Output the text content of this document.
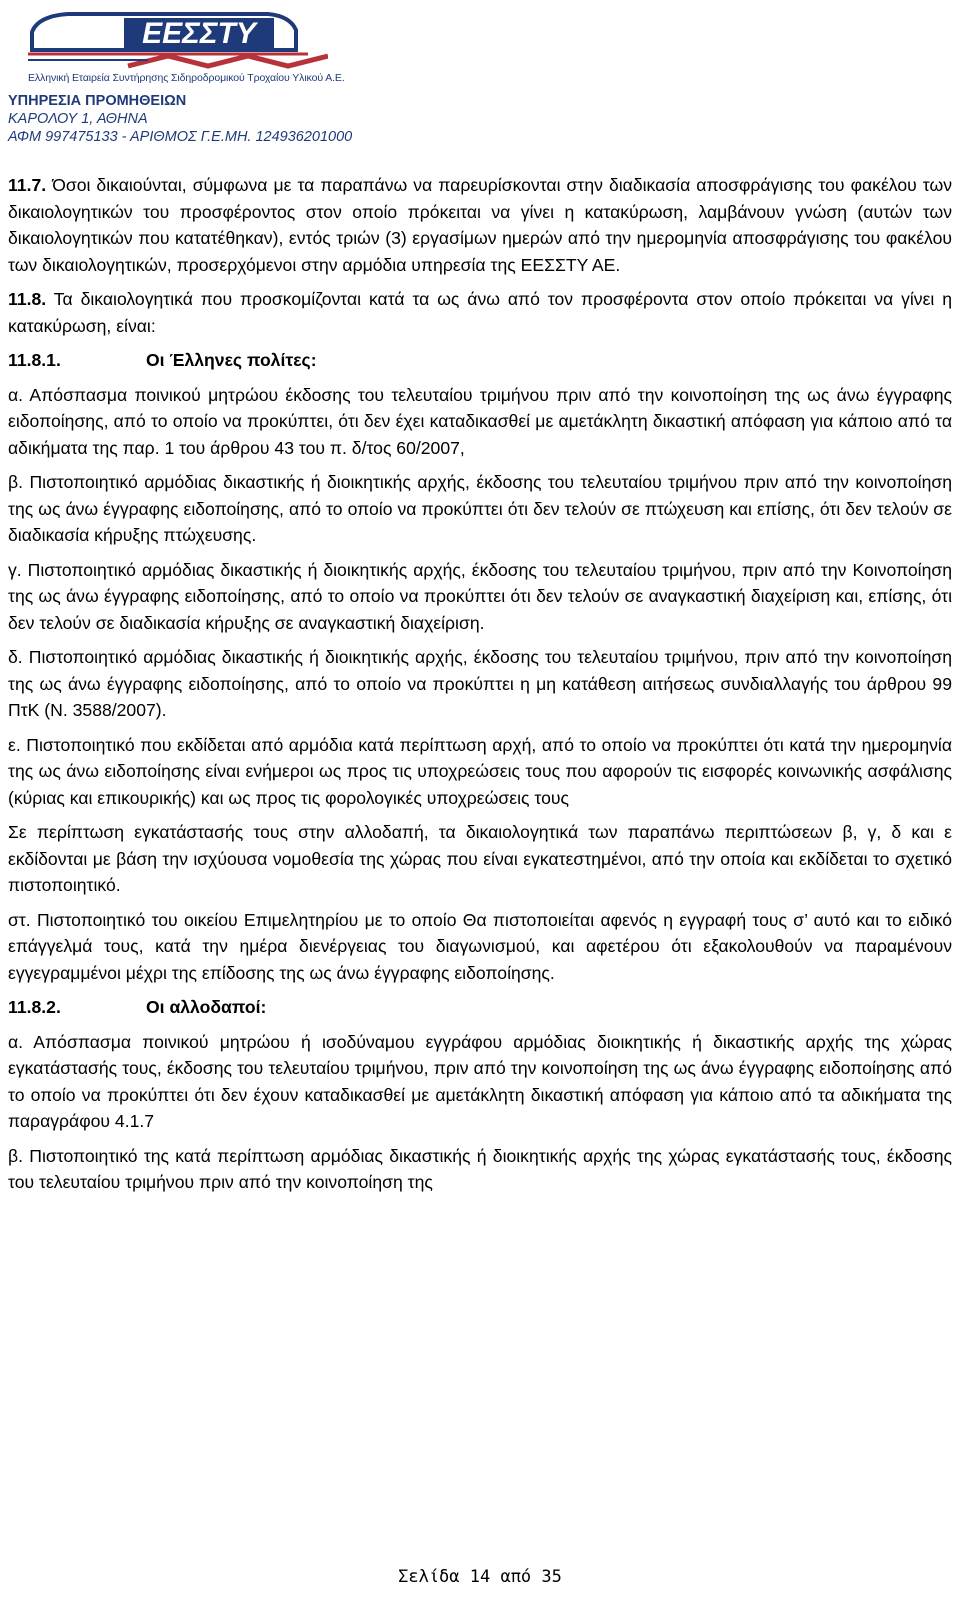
ΕΕΣΣΤΥ
Ελληνική Εταιρεία Συντήρησης Σιδηροδρομικού Τροχαίου Υλικού Α.Ε.
ΥΠΗΡΕΣΙΑ ΠΡΟΜΗΘΕΙΩΝ
ΚΑΡΟΛΟΥ 1, ΑΘΗΝΑ
ΑΦΜ 997475133 - ΑΡΙΘΜΟΣ Γ.Ε.ΜΗ. 124936201000

11.7. Όσοι δικαιούνται, σύμφωνα με τα παραπάνω να παρευρίσκονται στην διαδικασία αποσφράγισης του φακέλου των δικαιολογητικών του προσφέροντος στον οποίο πρόκειται να γίνει η κατακύρωση, λαμβάνουν γνώση (αυτών των δικαιολογητικών που κατατέθηκαν), εντός τριών (3) εργασίμων ημερών από την ημερομηνία αποσφράγισης του φακέλου των δικαιολογητικών, προσερχόμενοι στην αρμόδια υπηρεσία της ΕΕΣΣΤΥ ΑΕ.

11.8. Τα δικαιολογητικά που προσκομίζονται κατά τα ως άνω από τον προσφέροντα στον οποίο πρόκειται να γίνει η κατακύρωση, είναι:

11.8.1.	Οι Έλληνες πολίτες:

α. Απόσπασμα ποινικού μητρώου έκδοσης του τελευταίου τριμήνου πριν από την κοινοποίηση της ως άνω έγγραφης ειδοποίησης, από το οποίο να προκύπτει, ότι δεν έχει καταδικασθεί με αμετάκλητη δικαστική απόφαση για κάποιο από τα αδικήματα της παρ. 1 του άρθρου 43 του π. δ/τος 60/2007,

β. Πιστοποιητικό αρμόδιας δικαστικής ή διοικητικής αρχής, έκδοσης του τελευταίου τριμήνου πριν από την κοινοποίηση της ως άνω έγγραφης ειδοποίησης, από το οποίο να προκύπτει ότι δεν τελούν σε πτώχευση και επίσης, ότι δεν τελούν σε διαδικασία κήρυξης πτώχευσης.

γ. Πιστοποιητικό αρμόδιας δικαστικής ή διοικητικής αρχής, έκδοσης του τελευταίου τριμήνου, πριν από την Κοινοποίηση της ως άνω έγγραφης ειδοποίησης, από το οποίο να προκύπτει ότι δεν τελούν σε αναγκαστική διαχείριση και, επίσης, ότι δεν τελούν σε διαδικασία κήρυξης σε αναγκαστική διαχείριση.

δ. Πιστοποιητικό αρμόδιας δικαστικής ή διοικητικής αρχής, έκδοσης του τελευταίου τριμήνου, πριν από την κοινοποίηση της ως άνω έγγραφης ειδοποίησης, από το οποίο να προκύπτει η μη κατάθεση αιτήσεως συνδιαλλαγής του άρθρου 99 ΠτΚ (Ν. 3588/2007).

ε. Πιστοποιητικό που εκδίδεται από αρμόδια κατά περίπτωση αρχή, από το οποίο να προκύπτει ότι κατά την ημερομηνία της ως άνω ειδοποίησης είναι ενήμεροι ως προς τις υποχρεώσεις τους που αφορούν τις εισφορές κοινωνικής ασφάλισης (κύριας και επικουρικής) και ως προς τις φορολογικές υποχρεώσεις τους

Σε περίπτωση εγκατάστασής τους στην αλλοδαπή, τα δικαιολογητικά των παραπάνω περιπτώσεων β, γ, δ και ε εκδίδονται με βάση την ισχύουσα νομοθεσία της χώρας που είναι εγκατεστημένοι, από την οποία και εκδίδεται το σχετικό πιστοποιητικό.

στ. Πιστοποιητικό του οικείου Επιμελητηρίου με το οποίο Θα πιστοποιείται αφενός η εγγραφή τους σ’ αυτό και το ειδικό επάγγελμά τους, κατά την ημέρα διενέργειας του διαγωνισμού, και αφετέρου ότι εξακολουθούν να παραμένουν εγγεγραμμένοι μέχρι της επίδοσης της ως άνω έγγραφης ειδοποίησης.

11.8.2.	Οι αλλοδαποί:

α. Απόσπασμα ποινικού μητρώου ή ισοδύναμου εγγράφου αρμόδιας διοικητικής ή δικαστικής αρχής της χώρας εγκατάστασής τους, έκδοσης του τελευταίου τριμήνου, πριν από την κοινοποίηση της ως άνω έγγραφης ειδοποίησης από το οποίο να προκύπτει ότι δεν έχουν καταδικασθεί με αμετάκλητη δικαστική απόφαση για κάποιο από τα αδικήματα της παραγράφου 4.1.7

β. Πιστοποιητικό της κατά περίπτωση αρμόδιας δικαστικής ή διοικητικής αρχής της χώρας εγκατάστασής τους, έκδοσης του τελευταίου τριμήνου πριν από την κοινοποίηση της

Σελίδα 14 από 35
